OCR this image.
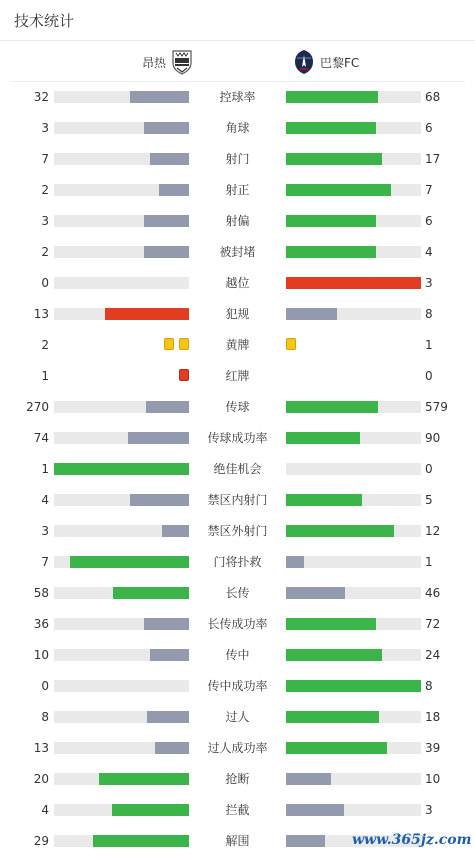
技术统计
昂热	巴黎FC
32	控球率	68
3	角球	6
7	射门	17
2	射正	7
3	射偏	6
2	被封堵	4
0	越位	3
13	犯规	8
2	黄牌	1
1	红牌	0
270	传球	579
74	传球成功率	90
1	绝佳机会	0
4	禁区内射门	5
3	禁区外射门	12
7	门将扑救	1
58	长传	46
36	长传成功率	72
10	传中	24
0	传中成功率	8
8	过人	18
13	过人成功率	39
20	抢断	10
4	拦截	3
29	解围	www.365jz.com
